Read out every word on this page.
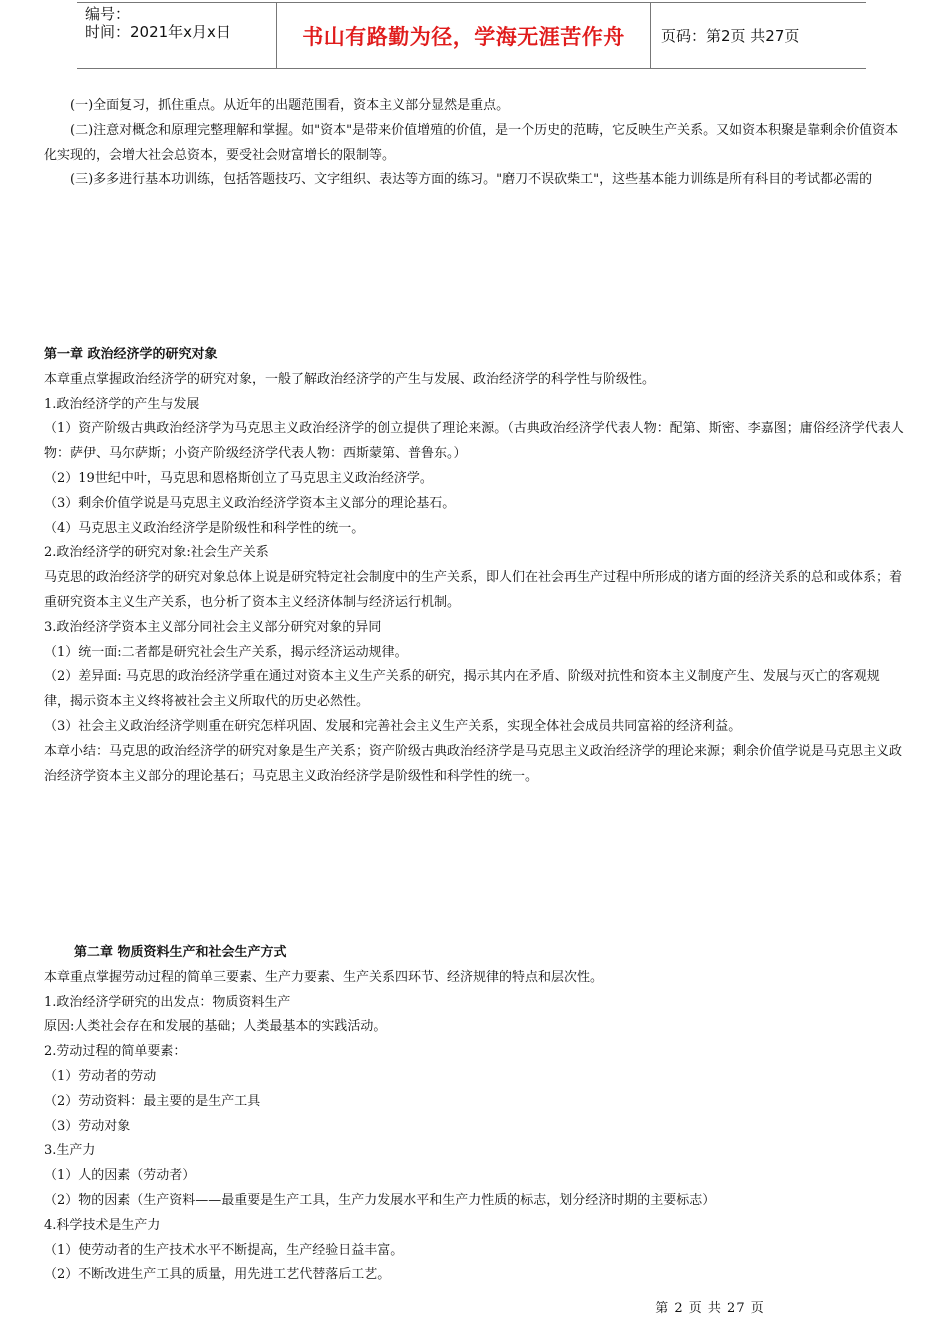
编号：
时间：2021年x月x日	书山有路勤为径，学海无涯苦作舟	页码：第2页 共27页

(一)全面复习，抓住重点。从近年的出题范围看，资本主义部分显然是重点。

(二)注意对概念和原理完整理解和掌握。如"资本"是带来价值增殖的价值，是一个历史的范畴，它反映生产关系。又如资本积聚是靠剩余价值资本化实现的，会增大社会总资本，要受社会财富增长的限制等。

(三)多多进行基本功训练，包括答题技巧、文字组织、表达等方面的练习。"磨刀不误砍柴工"，这些基本能力训练是所有科目的考试都必需的

第一章 政治经济学的研究对象

本章重点掌握政治经济学的研究对象，一般了解政治经济学的产生与发展、政治经济学的科学性与阶级性。

1.政治经济学的产生与发展

（1）资产阶级古典政治经济学为马克思主义政治经济学的创立提供了理论来源。（古典政治经济学代表人物：配第、斯密、李嘉图；庸俗经济学代表人物：萨伊、马尔萨斯；小资产阶级经济学代表人物：西斯蒙第、普鲁东。）

（2）19世纪中叶，马克思和恩格斯创立了马克思主义政治经济学。

（3）剩余价值学说是马克思主义政治经济学资本主义部分的理论基石。

（4）马克思主义政治经济学是阶级性和科学性的统一。

2.政治经济学的研究对象:社会生产关系

马克思的政治经济学的研究对象总体上说是研究特定社会制度中的生产关系，即人们在社会再生产过程中所形成的诸方面的经济关系的总和或体系；着重研究资本主义生产关系，也分析了资本主义经济体制与经济运行机制。

3.政治经济学资本主义部分同社会主义部分研究对象的异同

（1）统一面:二者都是研究社会生产关系，揭示经济运动规律。

（2）差异面: 马克思的政治经济学重在通过对资本主义生产关系的研究，揭示其内在矛盾、阶级对抗性和资本主义制度产生、发展与灭亡的客观规律，揭示资本主义终将被社会主义所取代的历史必然性。

（3）社会主义政治经济学则重在研究怎样巩固、发展和完善社会主义生产关系，实现全体社会成员共同富裕的经济利益。

本章小结：马克思的政治经济学的研究对象是生产关系；资产阶级古典政治经济学是马克思主义政治经济学的理论来源；剩余价值学说是马克思主义政治经济学资本主义部分的理论基石；马克思主义政治经济学是阶级性和科学性的统一。

第二章 物质资料生产和社会生产方式

本章重点掌握劳动过程的简单三要素、生产力要素、生产关系四环节、经济规律的特点和层次性。

1.政治经济学研究的出发点：物质资料生产

原因:人类社会存在和发展的基础；人类最基本的实践活动。

2.劳动过程的简单要素：

（1）劳动者的劳动

（2）劳动资料：最主要的是生产工具

（3）劳动对象

3.生产力

（1）人的因素（劳动者）

（2）物的因素（生产资料——最重要是生产工具，生产力发展水平和生产力性质的标志，划分经济时期的主要标志）

4.科学技术是生产力

（1）使劳动者的生产技术水平不断提高，生产经验日益丰富。

（2）不断改进生产工具的质量，用先进工艺代替落后工艺。

第 2 页 共 27 页
